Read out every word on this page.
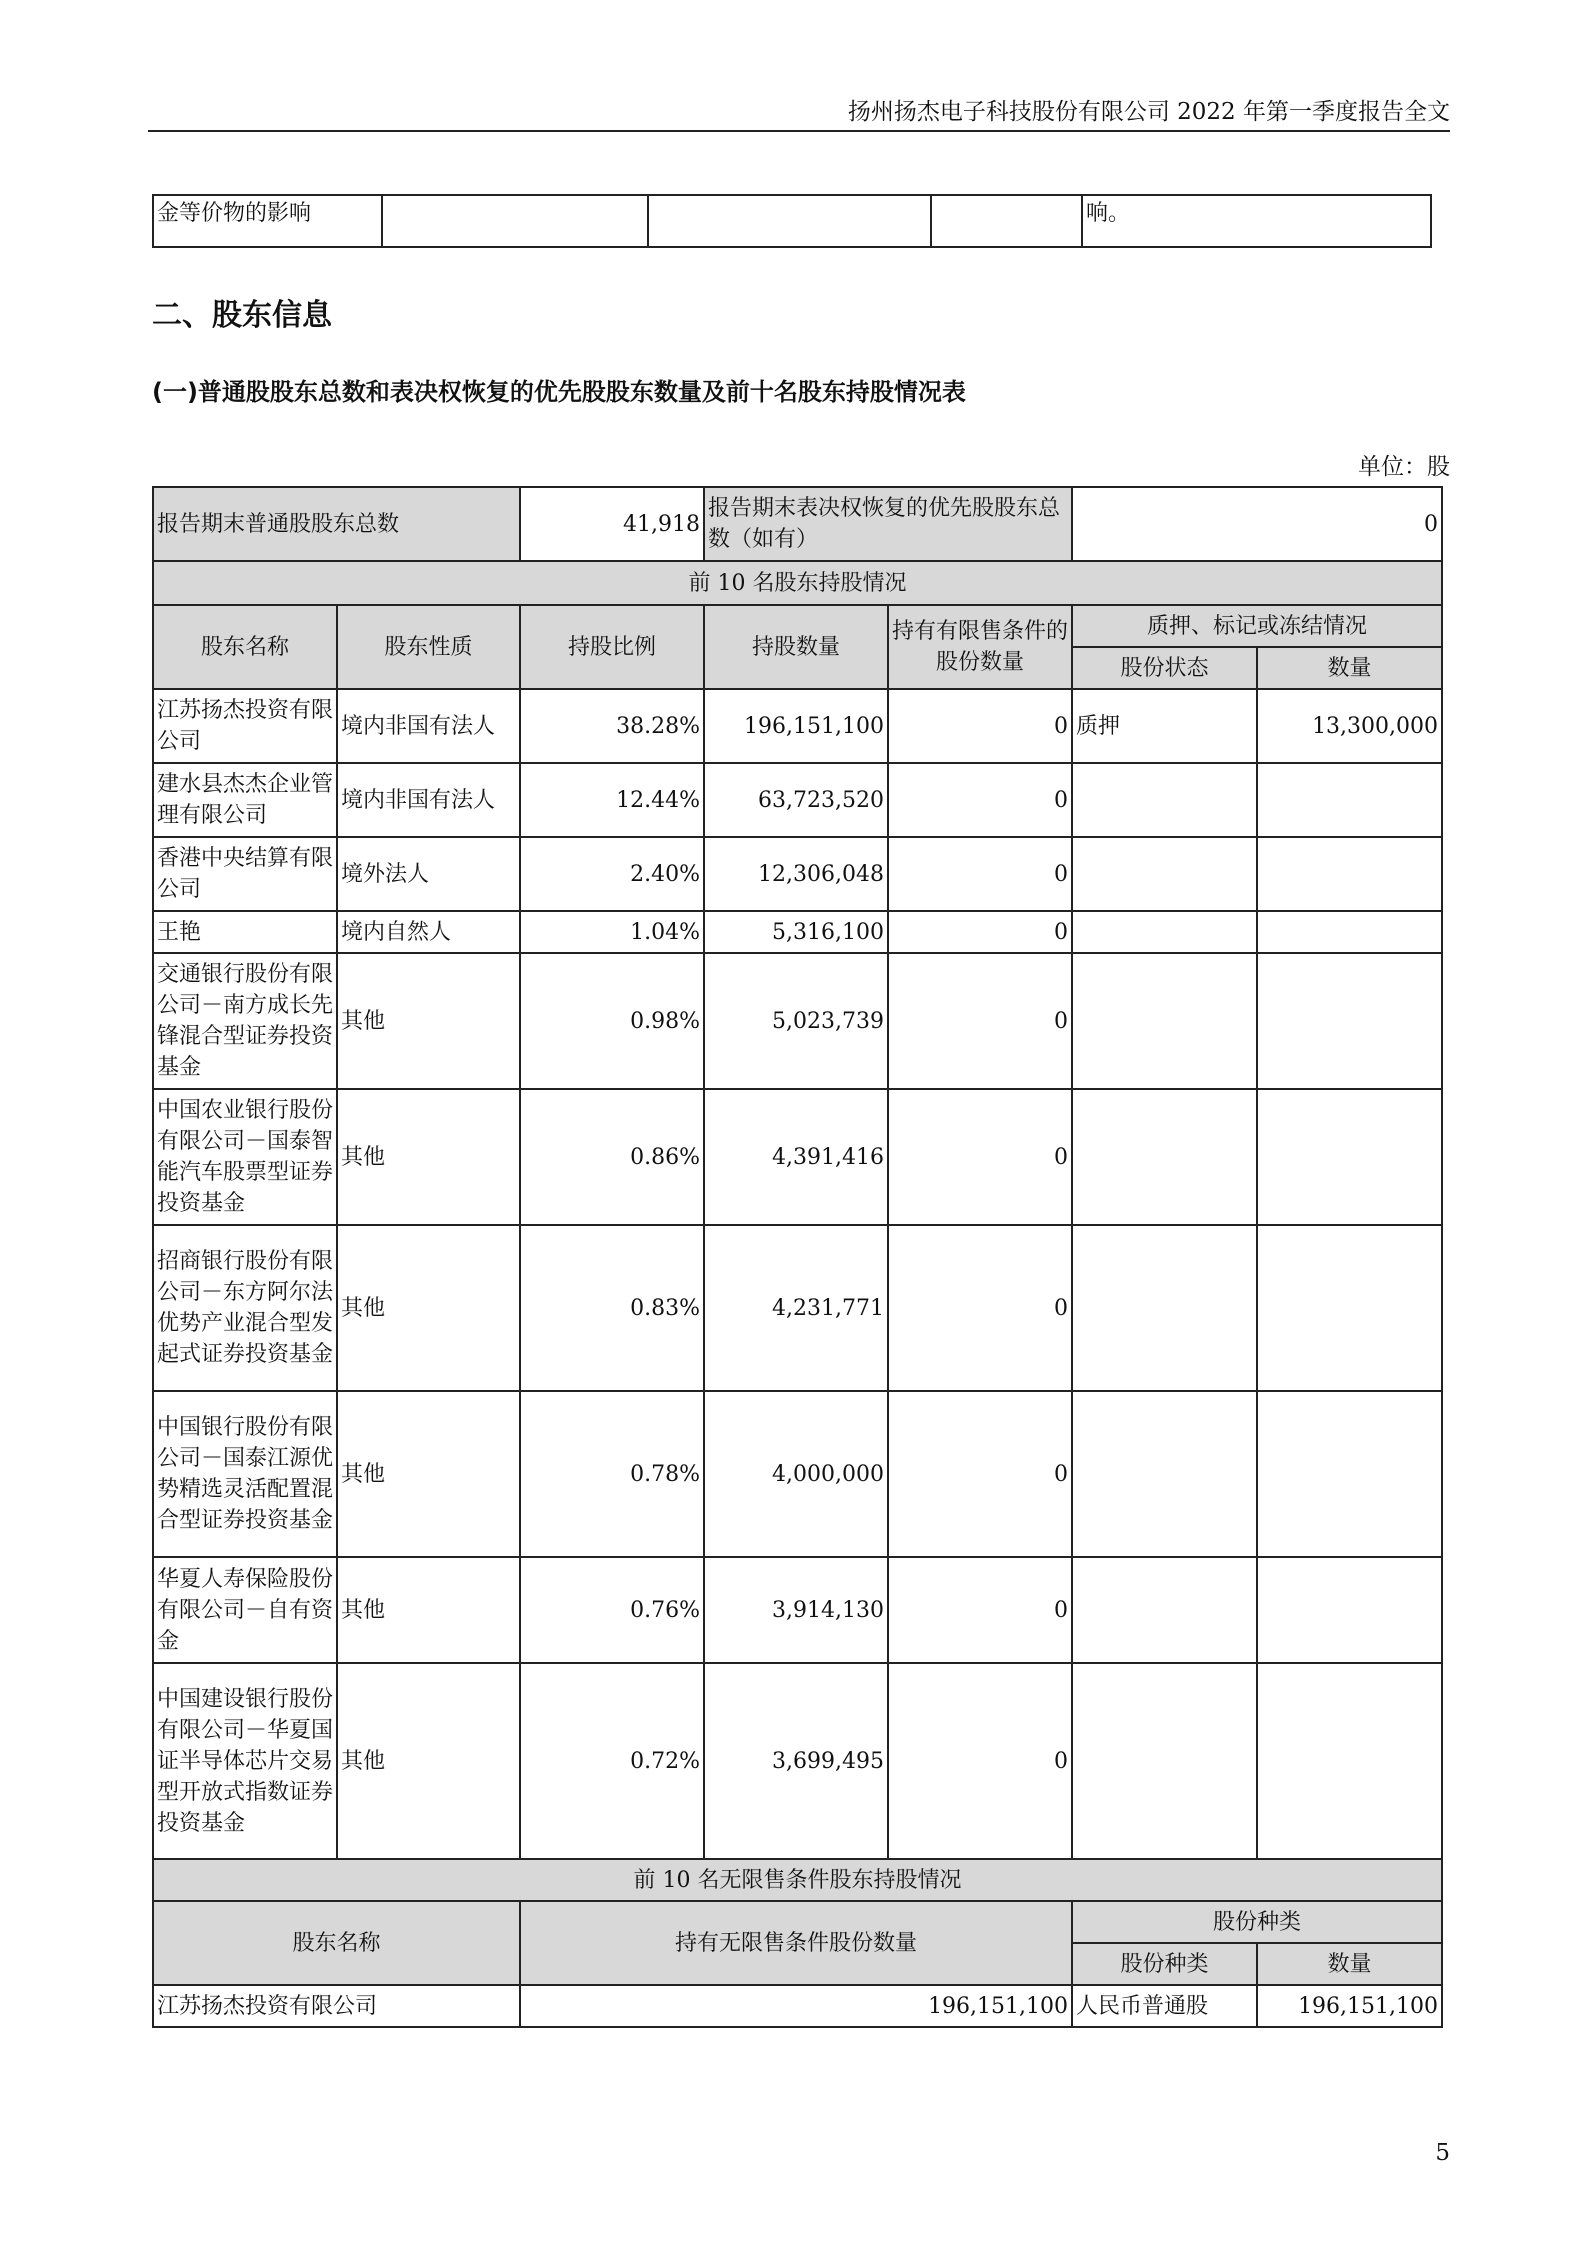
扬州扬杰电子科技股份有限公司 2022 年第一季度报告全文
金等价物的影响				响。
二、股东信息
(一)普通股股东总数和表决权恢复的优先股股东数量及前十名股东持股情况表
单位：股
报告期末普通股股东总数		41,918	报告期末表决权恢复的优先股股东总数（如有）		0	
前 10 名股东持股情况						
股东名称	股东性质	持股比例	持股数量	持有有限售条件的股份数量	质押、标记或冻结情况	
					股份状态	数量
江苏扬杰投资有限公司	境内非国有法人	38.28%	196,151,100	0	质押	13,300,000
建水县杰杰企业管理有限公司	境内非国有法人	12.44%	63,723,520	0		
香港中央结算有限公司	境外法人	2.40%	12,306,048	0		
王艳	境内自然人	1.04%	5,316,100	0		
交通银行股份有限公司－南方成长先锋混合型证券投资基金	其他	0.98%	5,023,739	0		
中国农业银行股份有限公司－国泰智能汽车股票型证券投资基金	其他	0.86%	4,391,416	0		
招商银行股份有限公司－东方阿尔法优势产业混合型发起式证券投资基金	其他	0.83%	4,231,771	0		
中国银行股份有限公司－国泰江源优势精选灵活配置混合型证券投资基金	其他	0.78%	4,000,000	0		
华夏人寿保险股份有限公司－自有资金	其他	0.76%	3,914,130	0		
中国建设银行股份有限公司－华夏国证半导体芯片交易型开放式指数证券投资基金	其他	0.72%	3,699,495	0		
前 10 名无限售条件股东持股情况						
股东名称		持有无限售条件股份数量			股份种类	
					股份种类	数量
江苏扬杰投资有限公司		196,151,100			人民币普通股	196,151,100
5
